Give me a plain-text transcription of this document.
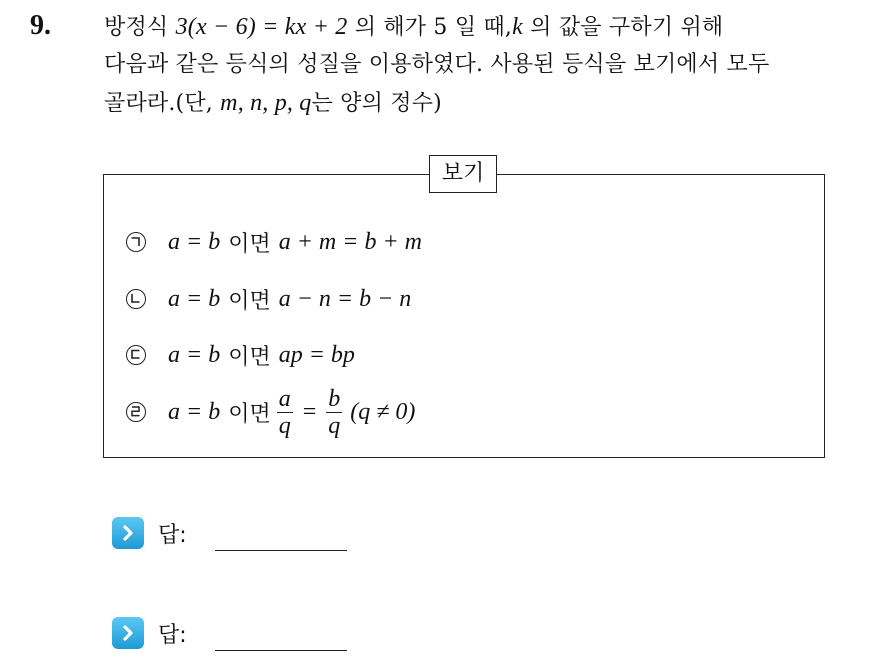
9. 방정식 3(x − 6) = kx + 2 의 해가 5 일 때,k 의 값을 구하기 위해
다음과 같은 등식의 성질을 이용하였다. 사용된 등식을 보기에서 모두
골라라.(단, m, n, p, q는 양의 정수)
보기
a = b 이면 a + m = b + m
a = b 이면 a − n = b − n
a = b 이면 ap = bp
a = b 이면 $\frac{a}{q} = \frac{b}{q} (q \ne 0)$
답:
답:
